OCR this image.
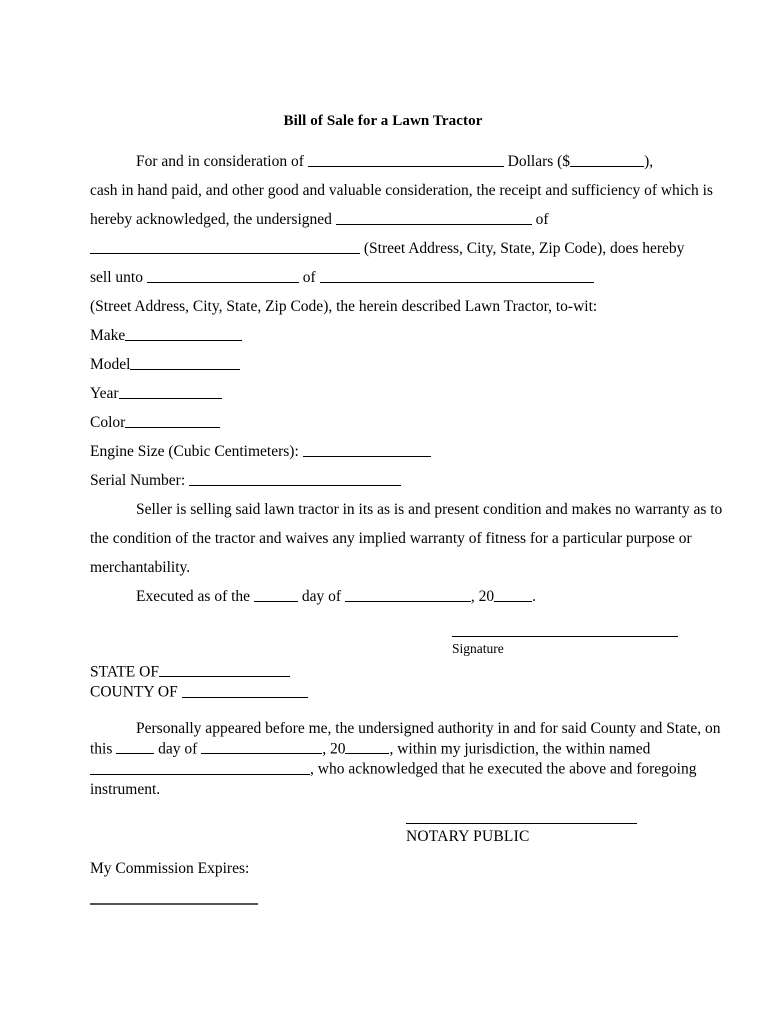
Bill of Sale for a Lawn Tractor

For and in consideration of	Dollars ($	),

cash in hand paid, and other good and valuable consideration, the receipt and sufficiency of which is

hereby acknowledged, the undersigned	of

(Street Address, City, State, Zip Code), does hereby

sell unto	of

(Street Address, City, State, Zip Code), the herein described Lawn Tractor, to-wit:

Make

Model

Year

Color

Engine Size (Cubic Centimeters):

Serial Number:

Seller is selling said lawn tractor in its as is and present condition and makes no warranty as to

the condition of the tractor and waives any implied warranty of fitness for a particular purpose or

merchantability.

Executed as of the	day of	, 20 .

Signature

STATE OF

COUNTY OF

Personally appeared before me, the undersigned authority in and for said County and State, on

this	day of	, 20	, within my jurisdiction, the within named

, who acknowledged that he executed the above and foregoing

instrument.

NOTARY PUBLIC

My Commission Expires:
